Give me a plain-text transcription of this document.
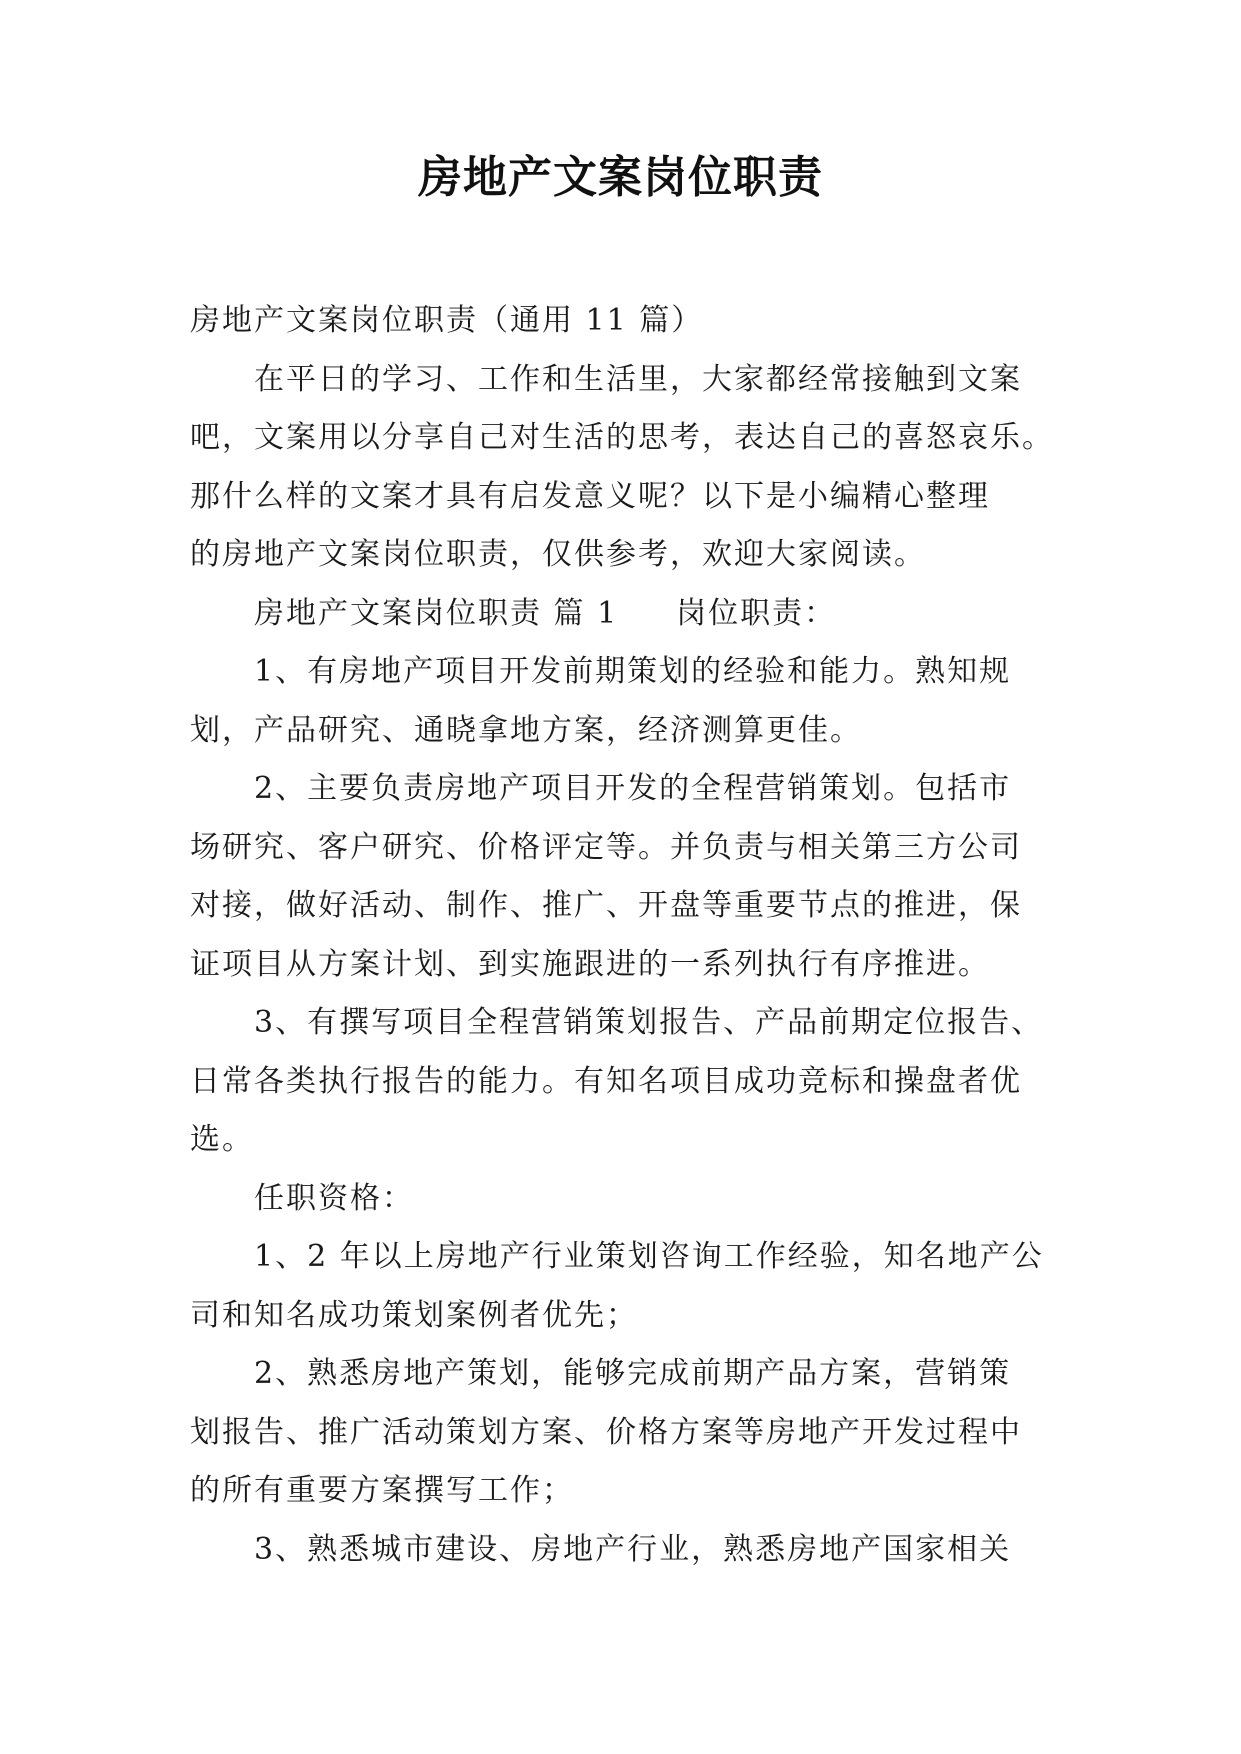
房地产文案岗位职责

房地产文案岗位职责（通用 11 篇）

在平日的学习、工作和生活里，大家都经常接触到文案

吧，文案用以分享自己对生活的思考，表达自己的喜怒哀乐。

那什么样的文案才具有启发意义呢？以下是小编精心整理

的房地产文案岗位职责，仅供参考，欢迎大家阅读。

房地产文案岗位职责 篇 1 岗位职责：

1、有房地产项目开发前期策划的经验和能力。熟知规

划，产品研究、通晓拿地方案，经济测算更佳。

2、主要负责房地产项目开发的全程营销策划。包括市

场研究、客户研究、价格评定等。并负责与相关第三方公司

对接，做好活动、制作、推广、开盘等重要节点的推进，保

证项目从方案计划、到实施跟进的一系列执行有序推进。

3、有撰写项目全程营销策划报告、产品前期定位报告、

日常各类执行报告的能力。有知名项目成功竞标和操盘者优

选。

任职资格：

1、2 年以上房地产行业策划咨询工作经验，知名地产公

司和知名成功策划案例者优先；

2、熟悉房地产策划，能够完成前期产品方案，营销策

划报告、推广活动策划方案、价格方案等房地产开发过程中

的所有重要方案撰写工作；

3、熟悉城市建设、房地产行业，熟悉房地产国家相关
